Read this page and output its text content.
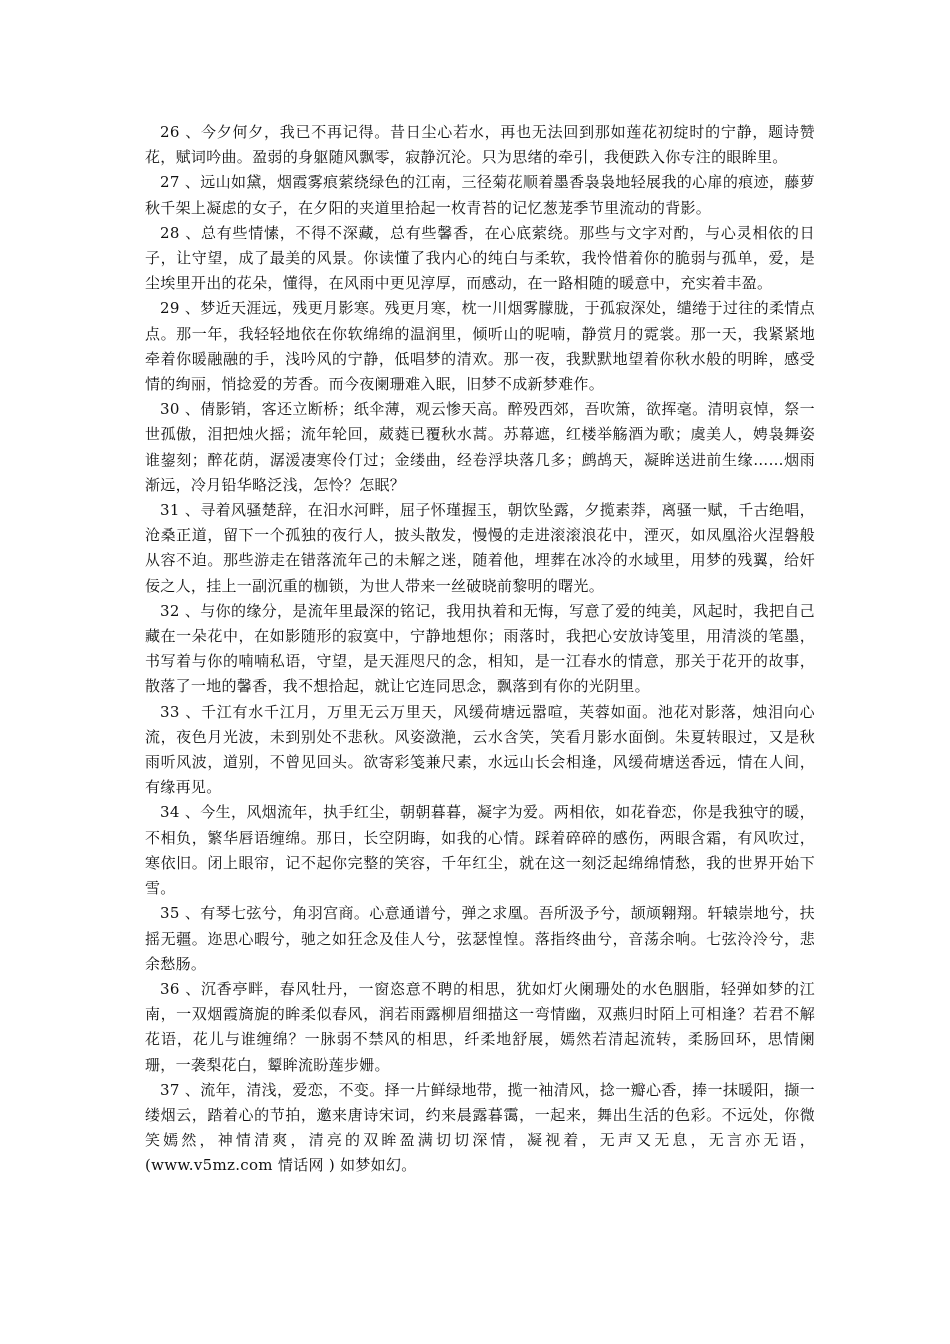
26 、今夕何夕，我已不再记得。昔日尘心若水，再也无法回到那如莲花初绽时的宁静，题诗赞花，赋词吟曲。盈弱的身躯随风飘零，寂静沉沦。只为思绪的牵引，我便跌入你专注的眼眸里。

27 、远山如黛，烟霞雾痕萦绕绿色的江南，三径菊花顺着墨香袅袅地轻展我的心扉的痕迹，藤萝秋千架上凝虑的女子，在夕阳的夹道里拾起一枚青苔的记忆葱茏季节里流动的背影。

28 、总有些情愫，不得不深藏，总有些馨香，在心底萦绕。那些与文字对酌，与心灵相依的日子，让守望，成了最美的风景。你读懂了我内心的纯白与柔软，我怜惜着你的脆弱与孤单，爱，是尘埃里开出的花朵，懂得，在风雨中更见淳厚，而感动，在一路相随的暖意中，充实着丰盈。

29 、梦近天涯远，残更月影寒。残更月寒，枕一川烟雾朦胧，于孤寂深处，缱绻于过往的柔情点点。那一年，我轻轻地依在你软绵绵的温润里，倾听山的呢喃，静赏月的霓裳。那一天，我紧紧地牵着你暖融融的手，浅吟风的宁静，低唱梦的清欢。那一夜，我默默地望着你秋水般的明眸，感受情的绚丽，悄捻爱的芳香。而今夜阑珊难入眠，旧梦不成新梦难作。

30 、倩影销，客还立断桥；纸伞薄，观云惨天高。醉殁西郊，吾吹箫，欲挥毫。清明哀悼，祭一世孤傲，泪把烛火摇；流年轮回，葳蕤已覆秋水蒿。苏幕遮，红楼举觞酒为歌；虞美人，娉袅舞姿谁鋆刻；醉花荫，潺湲凄寒伶仃过；金缕曲，经卷浮块落几多；鹧鸪天，凝眸送进前生缘……烟雨渐远，冷月铅华略泛浅，怎怜？怎眠？

31 、寻着风骚楚辞，在汨水河畔，屈子怀瑾握玉，朝饮坠露，夕揽素莽，离骚一赋，千古绝唱，沧桑正道，留下一个孤独的夜行人，披头散发，慢慢的走进滚滚浪花中，湮灭，如凤凰浴火涅磐般从容不迫。那些游走在错落流年己的未解之迷，随着他，埋葬在冰冷的水域里，用梦的残翼，给奸佞之人，挂上一副沉重的枷锁，为世人带来一丝破晓前黎明的曙光。

32 、与你的缘分，是流年里最深的铭记，我用执着和无悔，写意了爱的纯美，风起时，我把自己藏在一朵花中，在如影随形的寂寞中，宁静地想你；雨落时，我把心安放诗笺里，用清淡的笔墨，书写着与你的喃喃私语，守望，是天涯咫尺的念，相知，是一江春水的情意，那关于花开的故事，散落了一地的馨香，我不想拾起，就让它连同思念，飘落到有你的光阴里。

33 、千江有水千江月，万里无云万里天，风缓荷塘远嚣喧，芙蓉如面。池花对影落，烛泪向心流，夜色月光波，未到别处不悲秋。风姿潋滟，云水含笑，笑看月影水面倒。朱夏转眼过，又是秋雨听风波，道别，不曾见回头。欲寄彩笺兼尺素，水远山长会相逢，风缓荷塘送香远，情在人间，有缘再见。

34 、今生，风烟流年，执手红尘，朝朝暮暮，凝字为爱。两相依，如花眷恋，你是我独守的暖，不相负，繁华唇语缠绵。那日，长空阴晦，如我的心情。踩着碎碎的感伤，两眼含霜，有风吹过，寒依旧。闭上眼帘，记不起你完整的笑容，千年红尘，就在这一刻泛起绵绵情愁，我的世界开始下雪。

35 、有琴七弦兮，角羽宫商。心意通谱兮，弹之求凰。吾所汲予兮，颉颃翱翔。轩辕崇地兮，扶摇无疆。迩思心暇兮，驰之如狂念及佳人兮，弦瑟惶惶。落指终曲兮，音荡余响。七弦泠泠兮，悲余愁肠。

36 、沉香亭畔，春风牡丹，一窗恣意不聘的相思，犹如灯火阑珊处的水色胭脂，轻弹如梦的江南，一双烟霞旖旎的眸柔似春风，润若雨露柳眉细描这一弯情幽，双燕归时陌上可相逢？若君不解花语，花儿与谁缠绵？一脉弱不禁风的相思，纤柔地舒展，嫣然若清起流转，柔肠回环，思情阑珊，一袭梨花白，颦眸流盼莲步姗。

37 、流年，清浅，爱恋，不变。择一片鲜绿地带，揽一袖清风，捻一瓣心香，捧一抹暖阳，撷一缕烟云，踏着心的节拍，邀来唐诗宋词，约来晨露暮霭，一起来，舞出生活的色彩。不远处，你微笑嫣然，神情清爽，清亮的双眸盈满切切深情，凝视着，无声又无息，无言亦无语，(www.v5mz.com 情话网 ) 如梦如幻。
